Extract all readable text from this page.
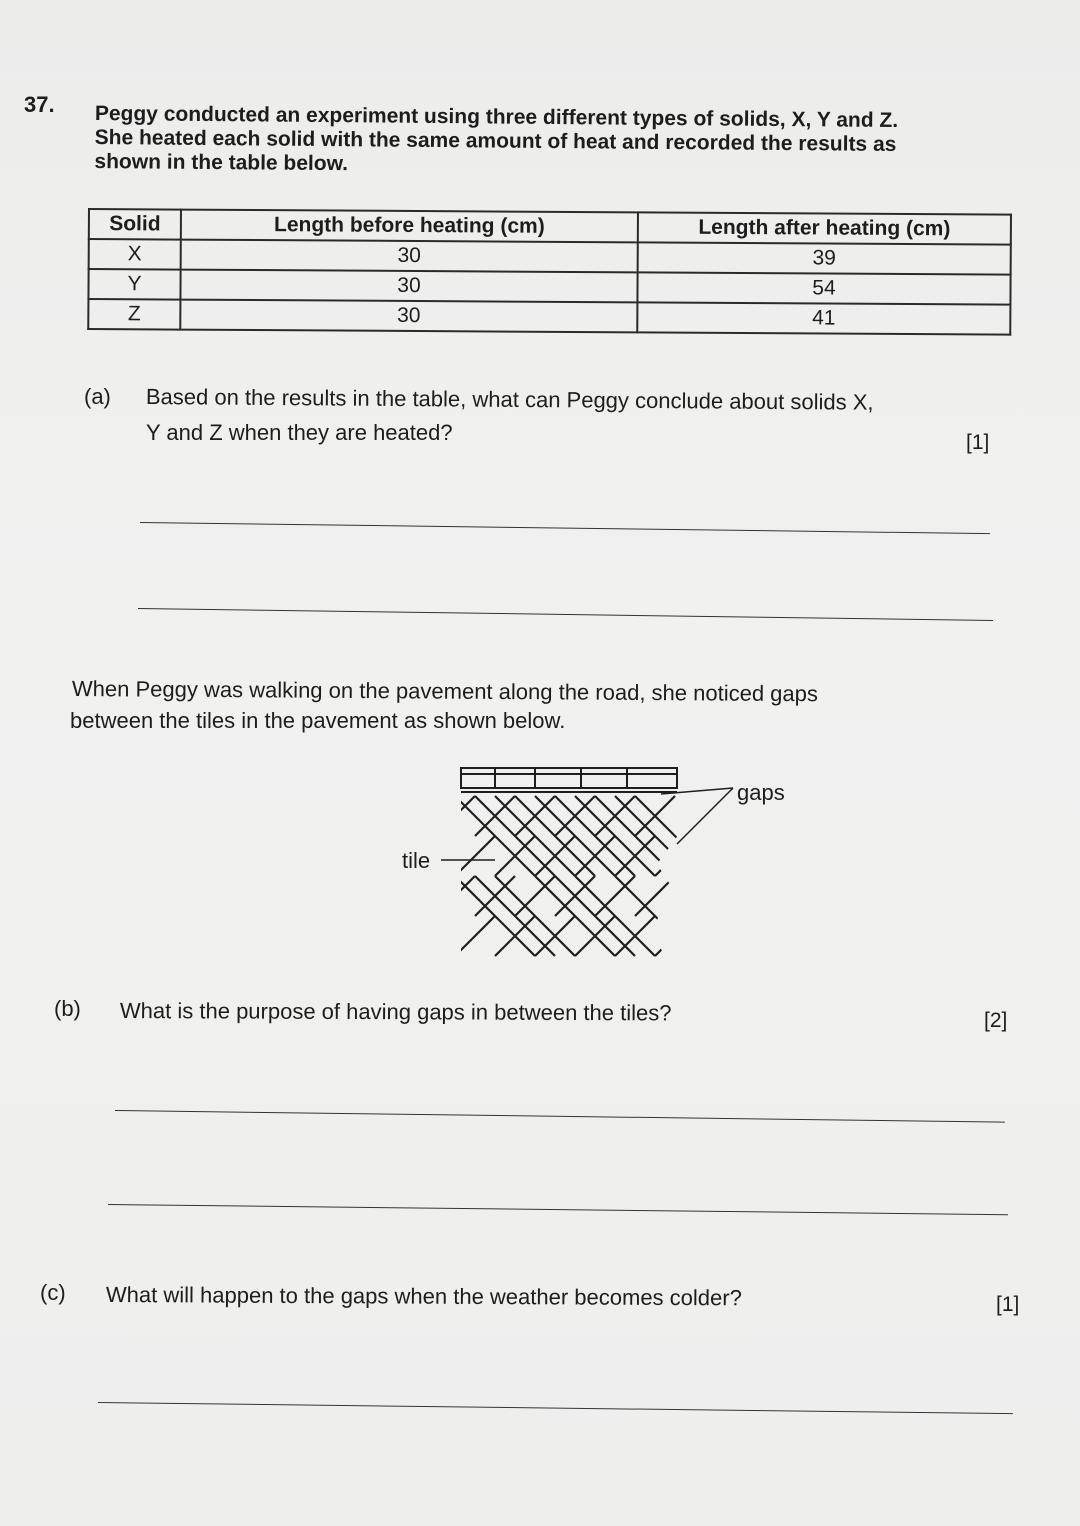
37. Peggy conducted an experiment using three different types of solids, X, Y and Z.
She heated each solid with the same amount of heat and recorded the results as
shown in the table below.
Solid	Length before heating (cm)	Length after heating (cm)
X	30	39
Y	30	54
Z	30	41
(a) Based on the results in the table, what can Peggy conclude about solids X,
Y and Z when they are heated?	[1]
When Peggy was walking on the pavement along the road, she noticed gaps
between the tiles in the pavement as shown below.
gaps
tile
(b) What is the purpose of having gaps in between the tiles?	[2]
(c) What will happen to the gaps when the weather becomes colder?	[1]
